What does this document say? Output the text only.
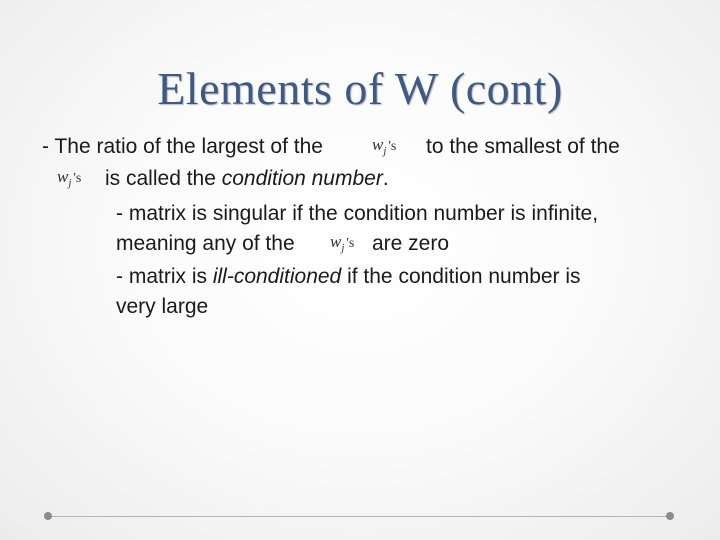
Elements of W (cont)
- The ratio of the largest of the	$w_j$ 's to the smallest of the
$w_j$ 's is called the condition number.
- matrix is singular if the condition number is infinite,
meaning any of the $w_j$ 's are zero
- matrix is ill-conditioned if the condition number is
very large
